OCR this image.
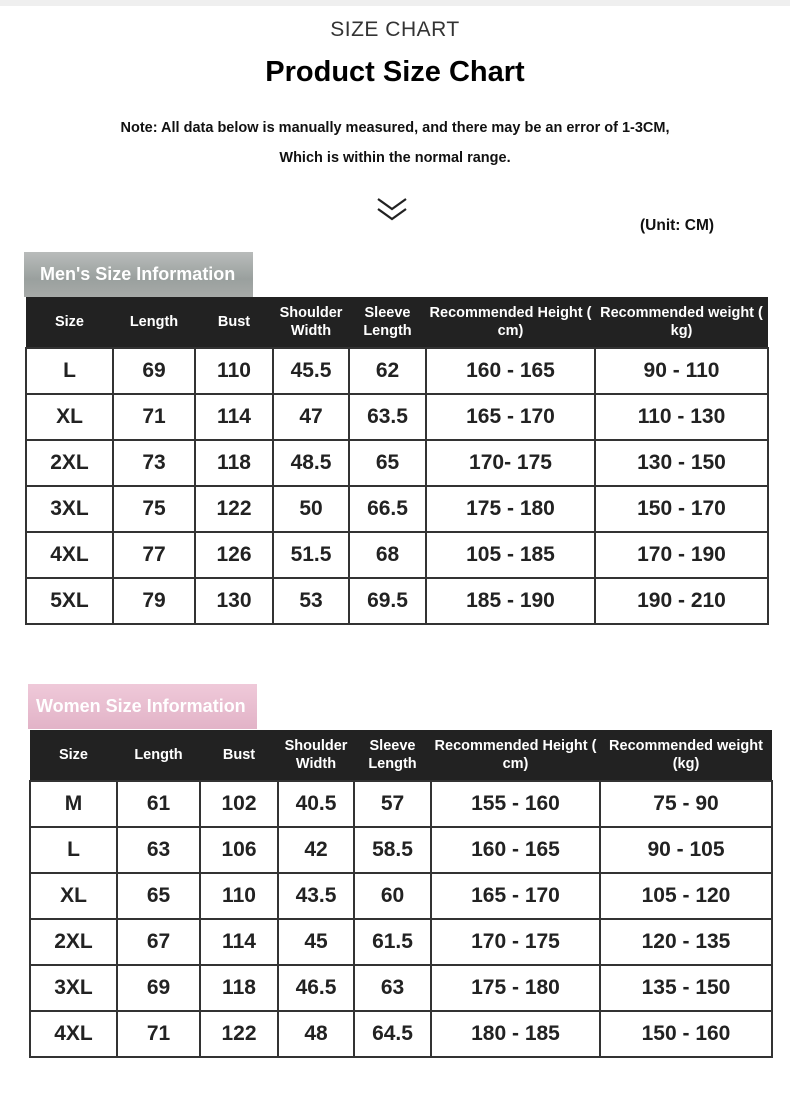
SIZE CHART
Product Size Chart
Note: All data below is manually measured, and there may be an error of 1-3CM,
Which is within the normal range.
(Unit: CM)
Men's Size Information
Size	Length	Bust	Shoulder Width	Sleeve Length	Recommended Height ( cm)	Recommended weight ( kg)
L	69	110	45.5	62	160 - 165	90 - 110
XL	71	114	47	63.5	165 - 170	110 - 130
2XL	73	118	48.5	65	170- 175	130 - 150
3XL	75	122	50	66.5	175 - 180	150 - 170
4XL	77	126	51.5	68	105 - 185	170 - 190
5XL	79	130	53	69.5	185 - 190	190 - 210
Women Size Information
Size	Length	Bust	Shoulder Width	Sleeve Length	Recommended Height ( cm)	Recommended weight (kg)
M	61	102	40.5	57	155 - 160	75 - 90
L	63	106	42	58.5	160 - 165	90 - 105
XL	65	110	43.5	60	165 - 170	105 - 120
2XL	67	114	45	61.5	170 - 175	120 - 135
3XL	69	118	46.5	63	175 - 180	135 - 150
4XL	71	122	48	64.5	180 - 185	150 - 160
